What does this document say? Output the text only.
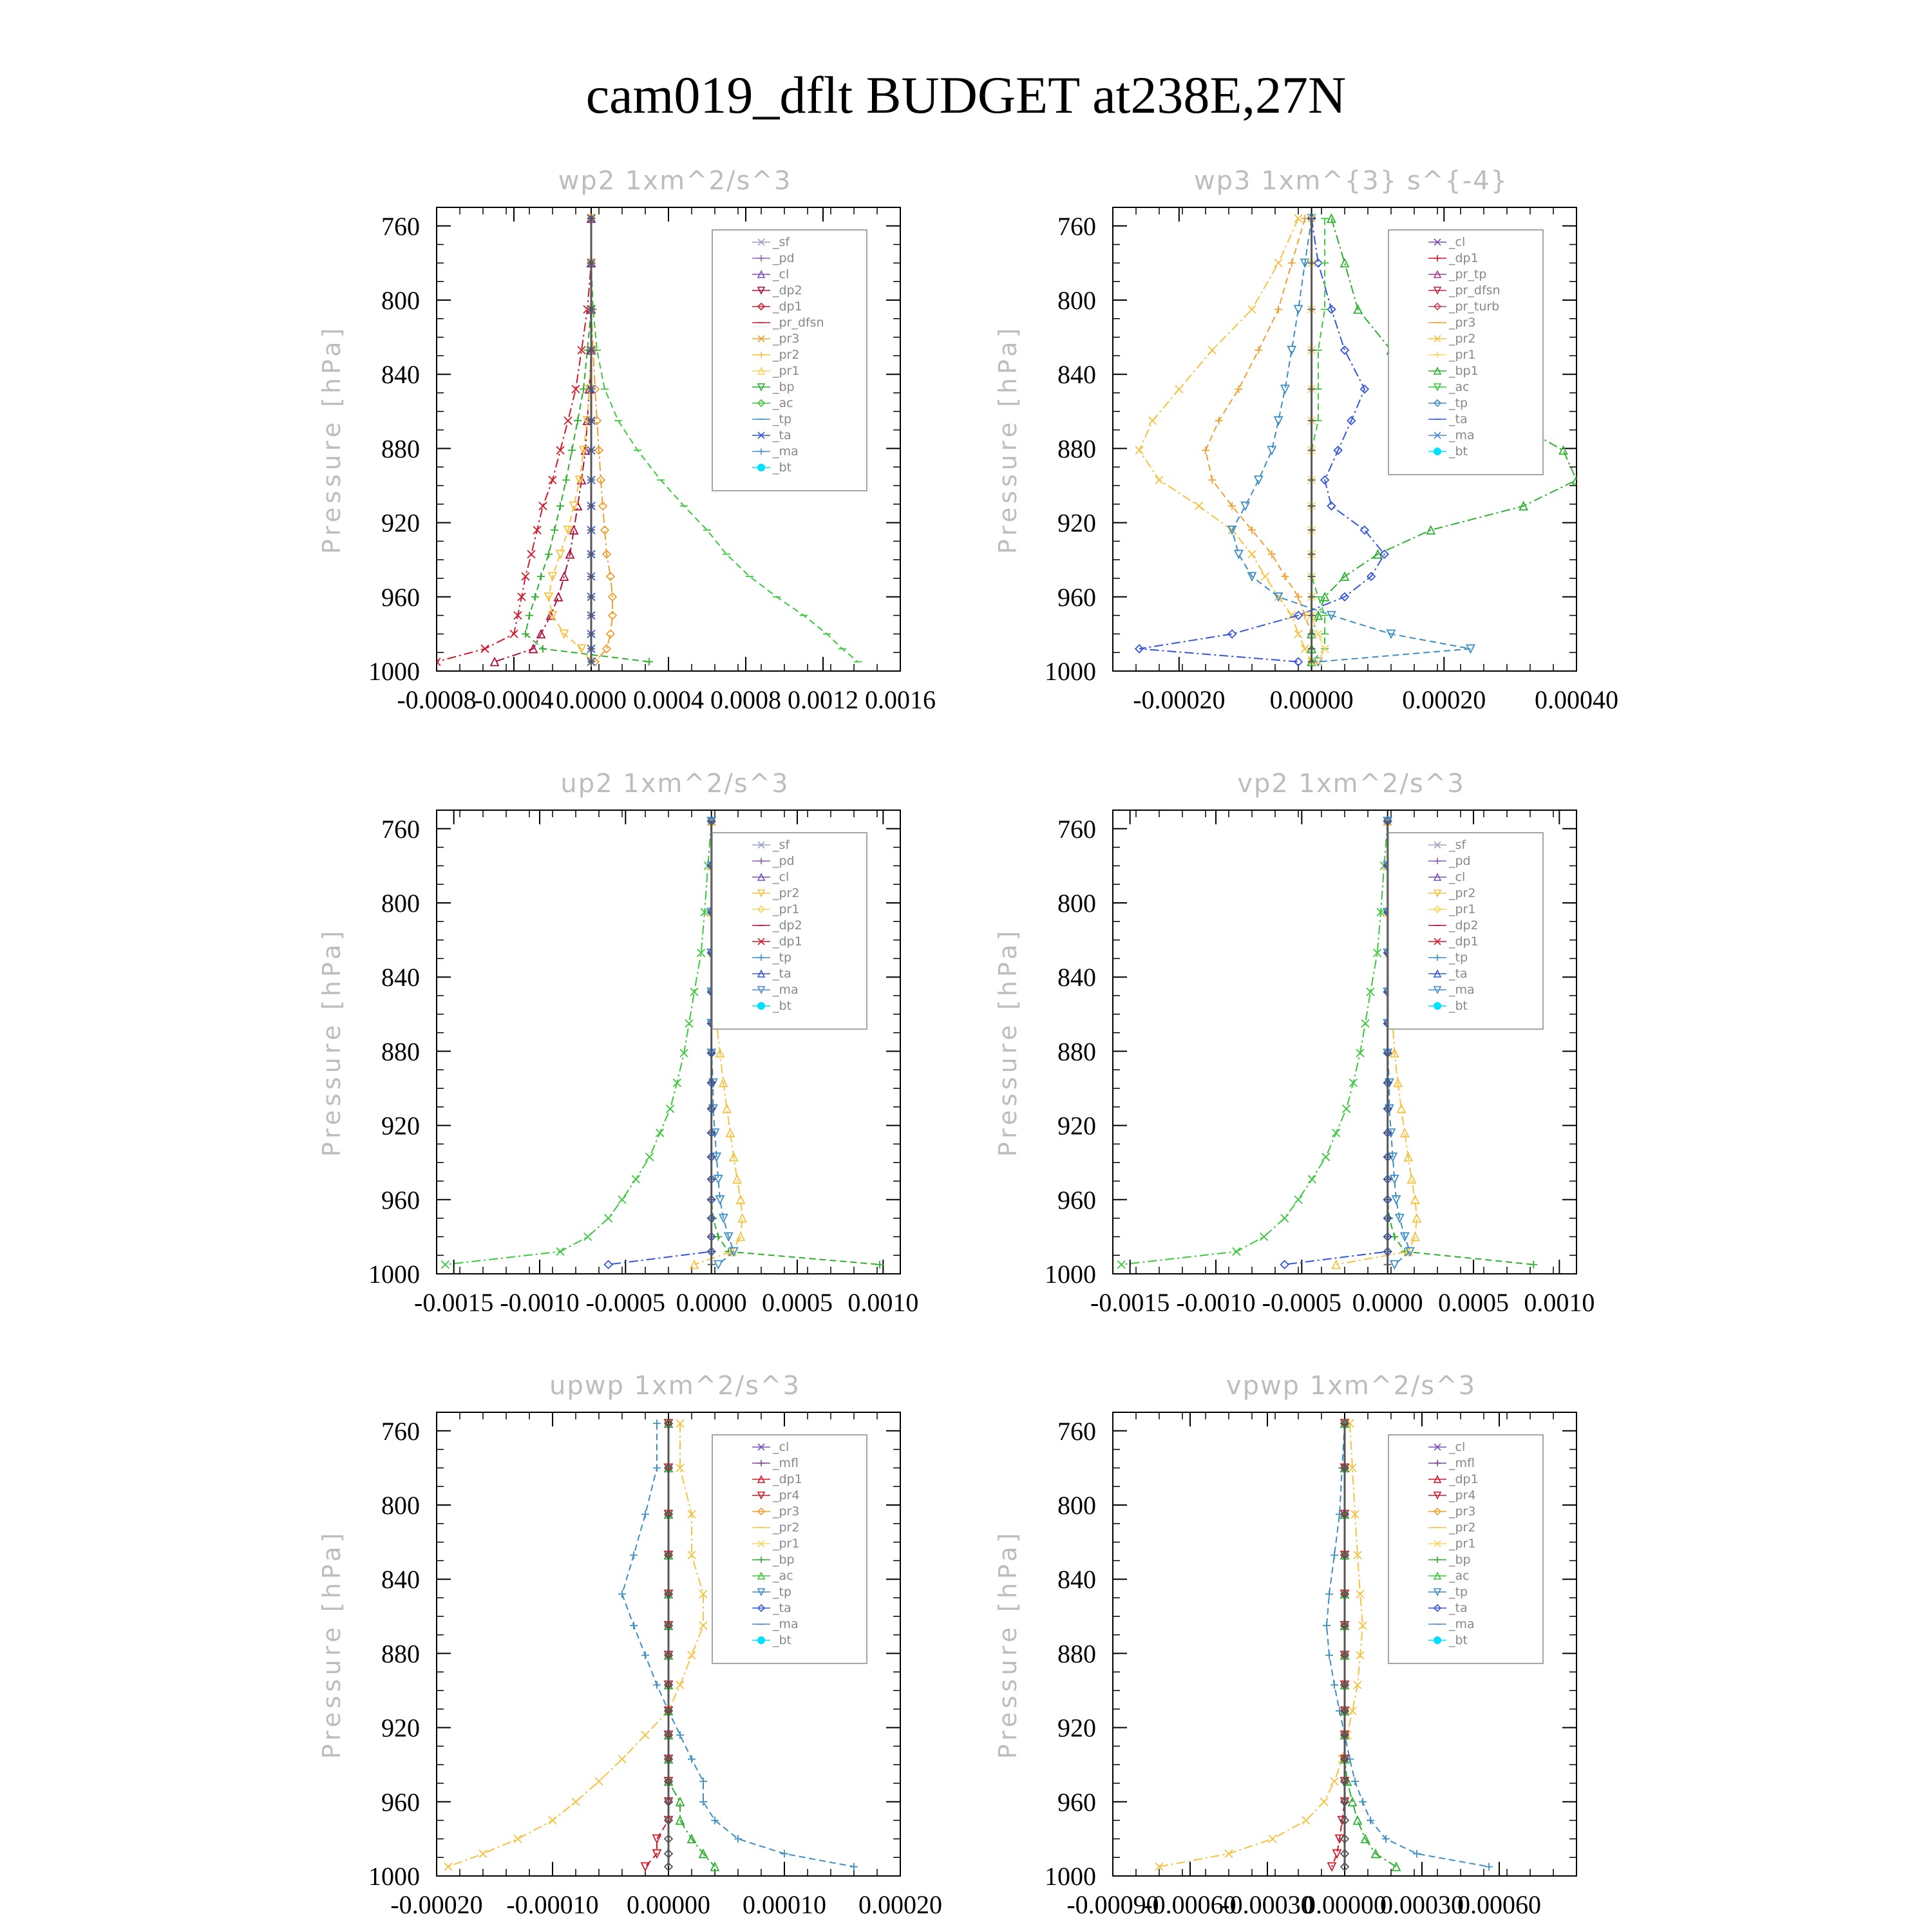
cam019_dflt BUDGET at238E,27N
wp2 1xm^2/s^3
760
800
840
880
920
960
1000
-0.0008
-0.0004 0.0000 0.0004 0.0008 0.0012 0.0016
Pressure [hPa]
_sf
_pd
_cl
_dp2
_dp1
_pr_dfsn
_pr3
_pr2
_pr1
_bp
_ac
_tp
_ta
_ma
_bt
wp3 1xm^{3} s^{-4}
760
800
840
880
920
960
1000
-0.00020 0.00000 0.00020 0.00040
Pressure [hPa]
_cl
_dp1
_pr_tp
_pr_dfsn
_pr_turb
_pr3
_pr2
_pr1
_bp1
_ac
_tp
_ta
_ma
_bt
up2 1xm^2/s^3
760
800
840
880
920
960
1000
-0.0015 -0.0010 -0.0005 0.0000 0.0005 0.0010
Pressure [hPa]
_sf
_pd
_cl
_pr2
_pr1
_dp2
_dp1
_tp
_ta
_ma
_bt
vp2 1xm^2/s^3
760
800
840
880
920
960
1000
-0.0015 -0.0010 -0.0005 0.0000 0.0005 0.0010
Pressure [hPa]
_sf
_pd
_cl
_pr2
_pr1
_dp2
_dp1
_tp
_ta
_ma
_bt
upwp 1xm^2/s^3
760
800
840
880
920
960
1000
-0.00020 -0.00010 0.00000 0.00010 0.00020
Pressure [hPa]
_cl
_mfl
_dp1
_pr4
_pr3
_pr2
_pr1
_bp
_ac
_tp
_ta
_ma
_bt
vpwp 1xm^2/s^3
760
800
840
880
920
960
1000
-0.00090
-0.00060
-0.00030
0.00000
0.00030
0.00060
Pressure [hPa]
_cl
_mfl
_dp1
_pr4
_pr3
_pr2
_pr1
_bp
_ac
_tp
_ta
_ma
_bt
